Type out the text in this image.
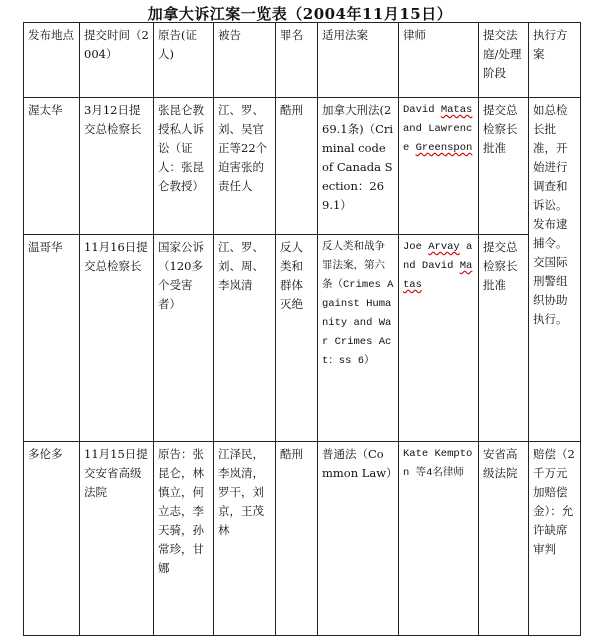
加拿大诉江案一览表（2004年11月15日）
发布地点	提交时间（2004）	原告(证人)	被告	罪名	适用法案	律师	提交法庭/处理阶段	执行方案
渥太华	3月12日提交总检察长	张昆仑教授私人诉讼（证人：张昆仑教授）	江、罗、刘、吴官正等22个迫害张的责任人	酷刑	加拿大刑法(269.1条)（Criminal code of Canada Section：269.1）	David Matas and Lawrence Greenspon	提交总检察长批准	如总检长批准，开始进行调查和诉讼。发布逮捕令。交国际刑警组织协助执行。
温哥华	11月16日提交总检察长	国家公诉（120多个受害者）	江、罗、刘、周、李岚清	反人类和群体灭绝	反人类和战争罪法案，第六条（Crimes Against Humanity and War Crimes Act：ss 6）	Joe Arvay and David Matas	提交总检察长批准	
多伦多	11月15日提交安省高级法院	原告：张昆仑，林慎立，何立志，李天骑，孙常珍，甘娜	江泽民，李岚清，罗干，刘京，王茂林	酷刑	普通法（Common Law）	Kate Kempton 等4名律师	安省高级法院	赔偿（2千万元加赔偿金）：允许缺席审判
